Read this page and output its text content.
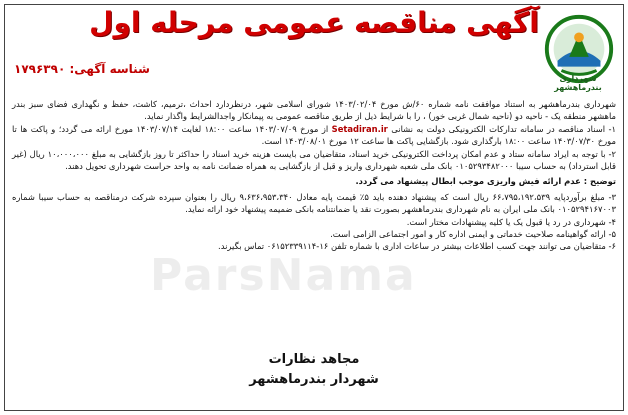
ParsNama
شهرداری بندرماهشهر
آگهی مناقصه عمومی مرحله اول
شناسه آگهی: ۱۷۹۶۳۹۰

شهرداری بندرماهشهر به استناد موافقت نامه شماره ۶۰/ش مورخ ۱۴۰۳/۰۲/۰۴ شورای اسلامی شهر، درنظردارد احداث ،ترمیم، کاشت، حفظ و نگهداری فضای سبز بندر ماهشهر منطقه یک - ناحیه دو (ناحیه شمال غربی خور) ، را با شرایط ذیل از طریق مناقصه عمومی به پیمانکار واجدالشرایط واگذار نماید.

۱- اسناد مناقصه در سامانه تدارکات الکترونیکی دولت به نشانی Setadiran.ir از مورخ ۱۴۰۳/۰۷/۰۹ ساعت ۱۸:۰۰ لغایت ۱۴۰۳/۰۷/۱۴ مورخ ارائه می گردد؛ و پاکت ها تا مورخ ۱۴۰۳/۰۷/۳۰ ساعت ۱۸:۰۰ بارگذاری شود. بازگشایی پاکت ها ساعت ۱۲ مورخ ۱۴۰۳/۰۸/۰۱ است.

۲- با توجه به ایراد سامانه ستاد و عدم امکان پرداخت الکترونیکی خرید اسناد، متقاضیان می بایست هزینه خرید اسناد را حداکثر تا روز بازگشایی به مبلغ ۱۰،۰۰۰،۰۰۰ ریال (غیر قابل استرداد) به حساب سیبا ۰۱۰۵۲۹۳۴۸۲۰۰۰ بانک ملی شعبه شهرداری واریز و قبل از بازگشایی به همراه ضمانت نامه به واحد حراست شهرداری تحویل دهند.

توضیح : عدم ارائه فیش واریزی موجب ابطال پیشنهاد می گردد.

۳- مبلغ برآوردپایه ۶۶،۷۹۵،۱۹۲،۵۳۹ ریال است که پیشنهاد دهنده باید ۵٪ قیمت پایه معادل ۹،۶۳۶،۹۵۳،۳۴۰ ریال را بعنوان سپرده شرکت درمناقصه به حساب سیبا شماره ۰۱۰۵۲۹۴۱۶۷۰۰۳ بانک ملی ایران به نام شهرداری بندرماهشهر بصورت نقد یا ضمانتنامه بانکی ضمیمه پیشنهاد خود ارائه نماید.

۴- شهرداری در رد یا قبول یک یا کلیه پیشنهادات مختار است.

۵- ارائه گواهینامه صلاحیت خدماتی و ایمنی اداره کار و امور اجتماعی الزامی است.

۶- متقاضیان می توانند جهت کسب اطلاعات بیشتر در ساعات اداری با شماره تلفن ۱۶-۰۶۱۵۲۳۳۹۱۱۴ تماس بگیرند.

مجاهد نظارات
شهردار بندرماهشهر
